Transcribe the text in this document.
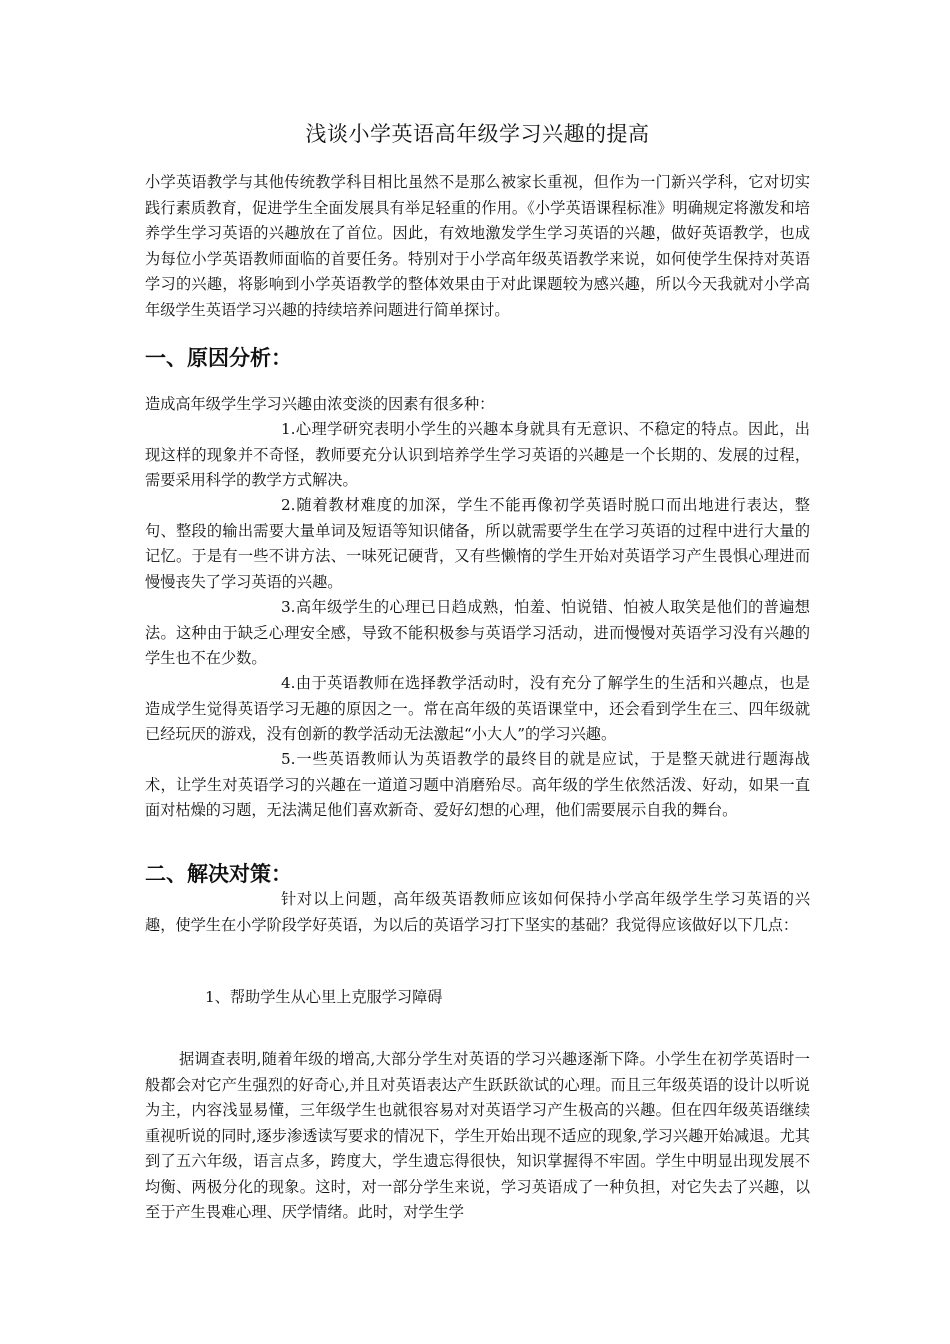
浅谈小学英语高年级学习兴趣的提高
小学英语教学与其他传统教学科目相比虽然不是那么被家长重视，但作为一门新兴学科，它对切实践行素质教育，促进学生全面发展具有举足轻重的作用。《小学英语课程标准》明确规定将激发和培养学生学习英语的兴趣放在了首位。因此，有效地激发学生学习英语的兴趣，做好英语教学，也成为每位小学英语教师面临的首要任务。特别对于小学高年级英语教学来说，如何使学生保持对英语学习的兴趣，将影响到小学英语教学的整体效果由于对此课题较为感兴趣，所以今天我就对小学高年级学生英语学习兴趣的持续培养问题进行简单探讨。
一、原因分析：
造成高年级学生学习兴趣由浓变淡的因素有很多种：
1.心理学研究表明小学生的兴趣本身就具有无意识、不稳定的特点。因此，出现这样的现象并不奇怪，教师要充分认识到培养学生学习英语的兴趣是一个长期的、发展的过程，需要采用科学的教学方式解决。
2.随着教材难度的加深，学生不能再像初学英语时脱口而出地进行表达，整句、整段的输出需要大量单词及短语等知识储备，所以就需要学生在学习英语的过程中进行大量的记忆。于是有一些不讲方法、一味死记硬背，又有些懒惰的学生开始对英语学习产生畏惧心理进而慢慢丧失了学习英语的兴趣。
3.高年级学生的心理已日趋成熟，怕羞、怕说错、怕被人取笑是他们的普遍想法。这种由于缺乏心理安全感，导致不能积极参与英语学习活动，进而慢慢对英语学习没有兴趣的学生也不在少数。
4.由于英语教师在选择教学活动时，没有充分了解学生的生活和兴趣点，也是造成学生觉得英语学习无趣的原因之一。常在高年级的英语课堂中，还会看到学生在三、四年级就已经玩厌的游戏，没有创新的教学活动无法激起“小大人”的学习兴趣。
5.一些英语教师认为英语教学的最终目的就是应试，于是整天就进行题海战术，让学生对英语学习的兴趣在一道道习题中消磨殆尽。高年级的学生依然活泼、好动，如果一直面对枯燥的习题，无法满足他们喜欢新奇、爱好幻想的心理，他们需要展示自我的舞台。
二、解决对策：
针对以上问题，高年级英语教师应该如何保持小学高年级学生学习英语的兴趣，使学生在小学阶段学好英语，为以后的英语学习打下坚实的基础？我觉得应该做好以下几点：
1、帮助学生从心里上克服学习障碍
据调查表明,随着年级的增高,大部分学生对英语的学习兴趣逐渐下降。小学生在初学英语时一般都会对它产生强烈的好奇心,并且对英语表达产生跃跃欲试的心理。而且三年级英语的设计以听说为主，内容浅显易懂，三年级学生也就很容易对对英语学习产生极高的兴趣。但在四年级英语继续重视听说的同时,逐步渗透读写要求的情况下，学生开始出现不适应的现象,学习兴趣开始减退。尤其到了五六年级，语言点多，跨度大，学生遗忘得很快，知识掌握得不牢固。学生中明显出现发展不均衡、两极分化的现象。这时，对一部分学生来说，学习英语成了一种负担，对它失去了兴趣，以至于产生畏难心理、厌学情绪。此时，对学生学
